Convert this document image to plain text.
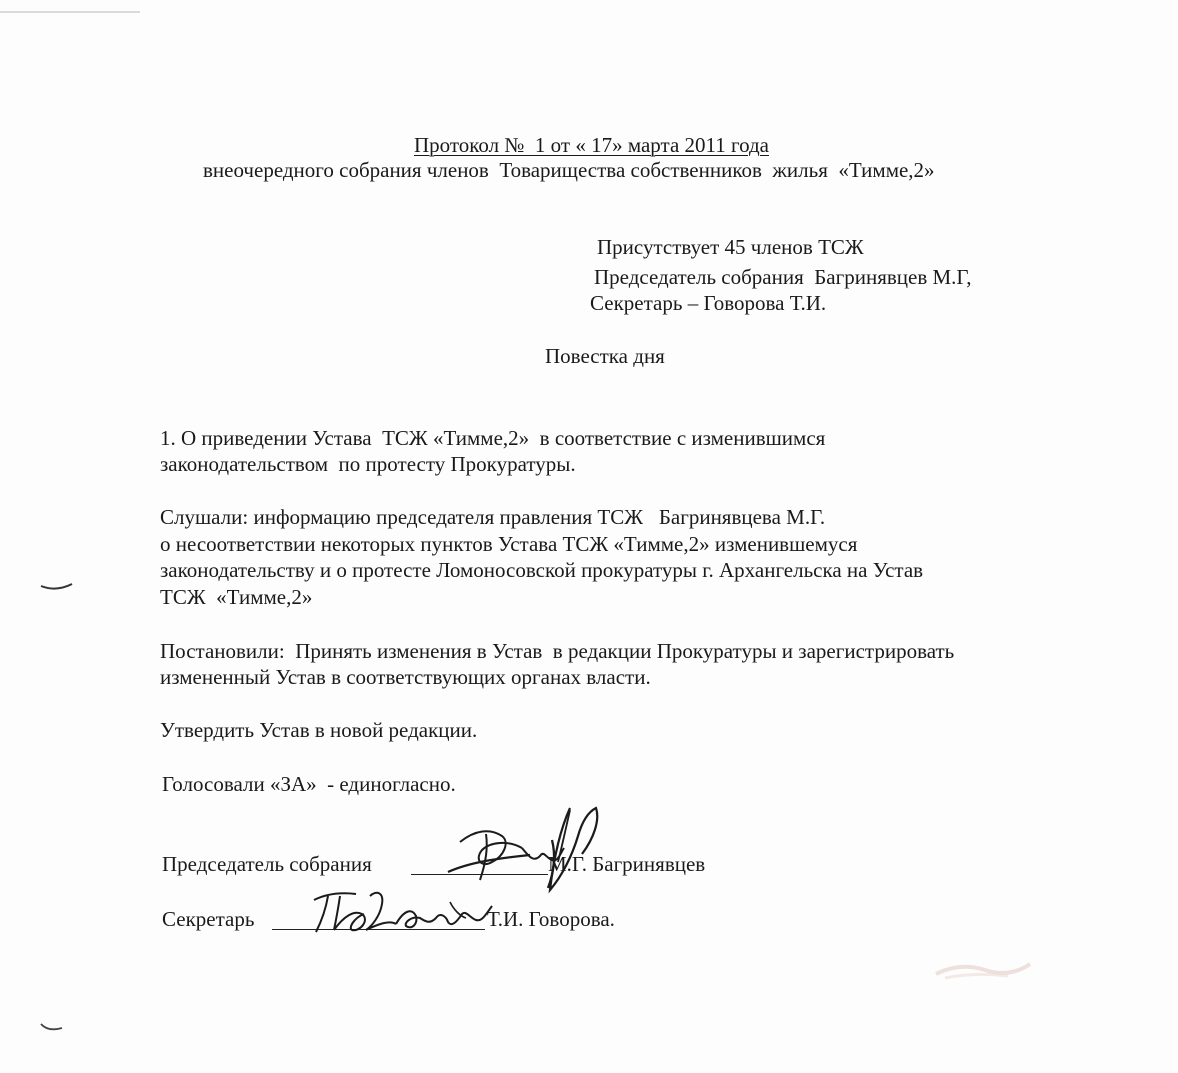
Протокол №  1 от « 17» марта 2011 года
внеочередного собрания членов  Товарищества собственников  жилья  «Тимме,2»
Присутствует 45 членов ТСЖ
Председатель собрания  Багринявцев М.Г,
Секретарь – Говорова Т.И.
Повестка дня
1. О приведении Устава  ТСЖ «Тимме,2»  в соответствие с изменившимся
законодательством  по протесту Прокуратуры.
Слушали: информацию председателя правления ТСЖ   Багринявцева М.Г.
о несоответствии некоторых пунктов Устава ТСЖ «Тимме,2» изменившемуся
законодательству и о протесте Ломоносовской прокуратуры г. Архангельска на Устав
ТСЖ  «Тимме,2»
Постановили:  Принять изменения в Устав  в редакции Прокуратуры и зарегистрировать
измененный Устав в соответствующих органах власти.
Утвердить Устав в новой редакции.
Голосовали «ЗА»  - единогласно.
Председатель собрания	М.Г. Багринявцев
Секретарь	Т.И. Говорова.
